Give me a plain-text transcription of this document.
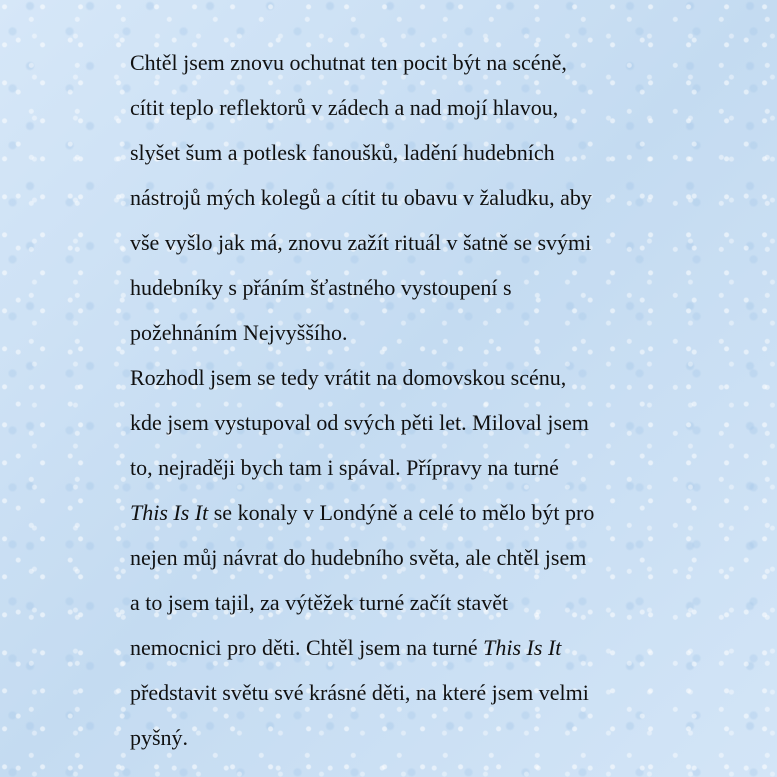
Chtěl jsem znovu ochutnat ten pocit být na scéně,
cítit teplo reflektorů v zádech a nad mojí hlavou,
slyšet šum a potlesk fanoušků, ladění hudebních
nástrojů mých kolegů a cítit tu obavu v žaludku, aby
vše vyšlo jak má, znovu zažít rituál v šatně se svými
hudebníky s přáním šťastného vystoupení s
požehnáním Nejvyššího.

Rozhodl jsem se tedy vrátit na domovskou scénu,
kde jsem vystupoval od svých pěti let. Miloval jsem
to, nejraději bych tam i spával. Přípravy na turné
This Is It se konaly v Londýně a celé to mělo být pro
nejen můj návrat do hudebního světa, ale chtěl jsem
a to jsem tajil, za výtěžek turné začít stavět
nemocnici pro děti. Chtěl jsem na turné This Is It
představit světu své krásné děti, na které jsem velmi
pyšný.
